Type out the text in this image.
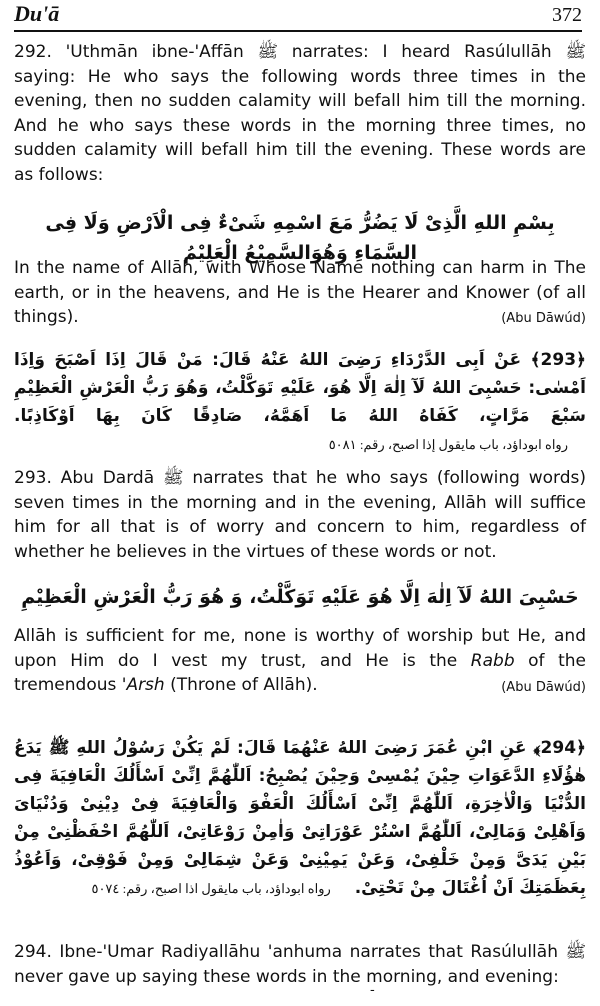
Du'ā	372
-

292. 'Uthmān ibne-'Affān ﷺ narrates: I heard Rasúlullāh ﷺ saying: He who says the following words three times in the evening, then no sudden calamity will befall him till the morning. And he who says these words in the morning three times, no sudden calamity will befall him till the evening. These words are as follows:

بِسْمِ اللهِ الَّذِىْ لَا يَضُرُّ مَعَ اسْمِهِ شَیْءٌ فِى الْاَرْضِ وَلَا فِى السَّمَاءِ وَهُوَالسَّمِيْعُ الْعَلِيْمُ

In the name of Allāh, with Whose Name nothing can harm in The earth, or in the heavens, and He is the Hearer and Knower (of all things).	(Abu Dāwúd)

﴿293﴾ عَنْ اَبِى الدَّرْدَاءِ رَضِیَ اللهُ عَنْهُ قَالَ: مَنْ قَالَ اِذَا اَصْبَحَ وَاِذَا اَمْسٰى: حَسْبِىَ اللهُ لَآ اِلٰهَ اِلَّا هُوَ، عَلَيْهِ تَوَكَّلْتُ، وَهُوَ رَبُّ الْعَرْشِ الْعَظِيْمِ سَبْعَ مَرَّاتٍ، كَفَاهُ اللهُ مَا اَهَمَّهُ، صَادِقًا كَانَ بِهَا اَوْكَاذِبًا. رواه ابوداؤد، باب مايقول إذا اصبح، رقم: ٥٠٨١

293. Abu Dardā ﷺ narrates that he who says (following words) seven times in the morning and in the evening, Allāh will suffice him for all that is of worry and concern to him, regardless of whether he believes in the virtues of these words or not.

حَسْبِىَ اللهُ لَآ اِلٰهَ اِلَّا هُوَ عَلَيْهِ تَوَكَّلْتُ، وَ هُوَ رَبُّ الْعَرْشِ الْعَظِيْمِ

Allāh is sufficient for me, none is worthy of worship but He, and upon Him do I vest my trust, and He is the Rabb of the tremendous 'Arsh (Throne of Allāh).	(Abu Dāwúd)

﴿294﴾ عَنِ ابْنِ عُمَرَ رَضِیَ اللهُ عَنْهُمَا قَالَ: لَمْ يَكُنْ رَسُوْلُ اللهِ ﷺ يَدَعُ هٰؤُلَاءِ الدَّعَوَاتِ حِيْنَ يُمْسِىْ وَحِيْنَ يُصْبِحُ: اَللّٰهُمَّ اِنِّىْ اَسْأَلُكَ الْعَافِيَةَ فِى الدُّنْيَا وَالْاٰخِرَةِ، اَللّٰهُمَّ اِنِّىْ اَسْأَلُكَ الْعَفْوَ وَالْعَافِيَةَ فِىْ دِيْنِىْ وَدُنْيَاىَ وَاَهْلِىْ وَمَالِىْ، اَللّٰهُمَّ اسْتُرْ عَوْرَاتِىْ وَاٰمِنْ رَوْعَاتِىْ، اَللّٰهُمَّ احْفَظْنِىْ مِنْ بَيْنِ يَدَىَّ وَمِنْ خَلْفِىْ، وَعَنْ يَمِيْنِىْ وَعَنْ شِمَالِىْ وَمِنْ فَوْقِىْ، وَاَعُوْذُ بِعَظَمَتِكَ اَنْ اُغْتَالَ مِنْ تَحْتِىْ. رواه ابوداؤد، باب مايقول اذا اصبح، رقم: ٥٠٧٤

294. Ibne-'Umar Radiyallāhu 'anhuma narrates that Rasúlullāh ﷺ never gave up saying these words in the morning, and evening:
